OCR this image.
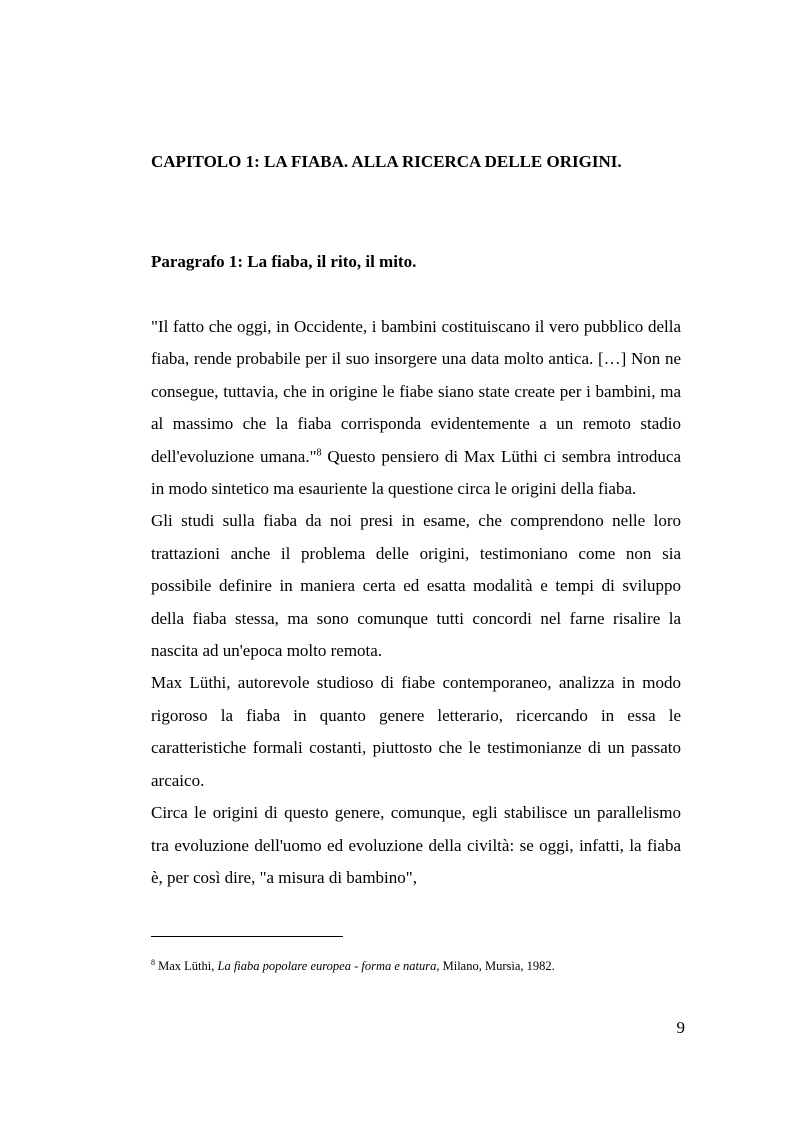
CAPITOLO 1: LA FIABA. ALLA RICERCA DELLE ORIGINI.
Paragrafo 1: La fiaba, il rito, il mito.

"Il fatto che oggi, in Occidente, i bambini costituiscano il vero pubblico della fiaba, rende probabile per il suo insorgere una data molto antica. […] Non ne consegue, tuttavia, che in origine le fiabe siano state create per i bambini, ma al massimo che la fiaba corrisponda evidentemente a un remoto stadio dell'evoluzione umana."$^8$ Questo pensiero di Max Lüthi ci sembra introduca in modo sintetico ma esauriente la questione circa le origini della fiaba.

Gli studi sulla fiaba da noi presi in esame, che comprendono nelle loro trattazioni anche il problema delle origini, testimoniano come non sia possibile definire in maniera certa ed esatta modalità e tempi di sviluppo della fiaba stessa, ma sono comunque tutti concordi nel farne risalire la nascita ad un'epoca molto remota.

Max Lüthi, autorevole studioso di fiabe contemporaneo, analizza in modo rigoroso la fiaba in quanto genere letterario, ricercando in essa le caratteristiche formali costanti, piuttosto che le testimonianze di un passato arcaico.

Circa le origini di questo genere, comunque, egli stabilisce un parallelismo tra evoluzione dell'uomo ed evoluzione della civiltà: se oggi, infatti, la fiaba è, per così dire, "a misura di bambino",

$^8$ Max Lüthi, La fiaba popolare europea - forma e natura, Milano, Mursia, 1982.
9
